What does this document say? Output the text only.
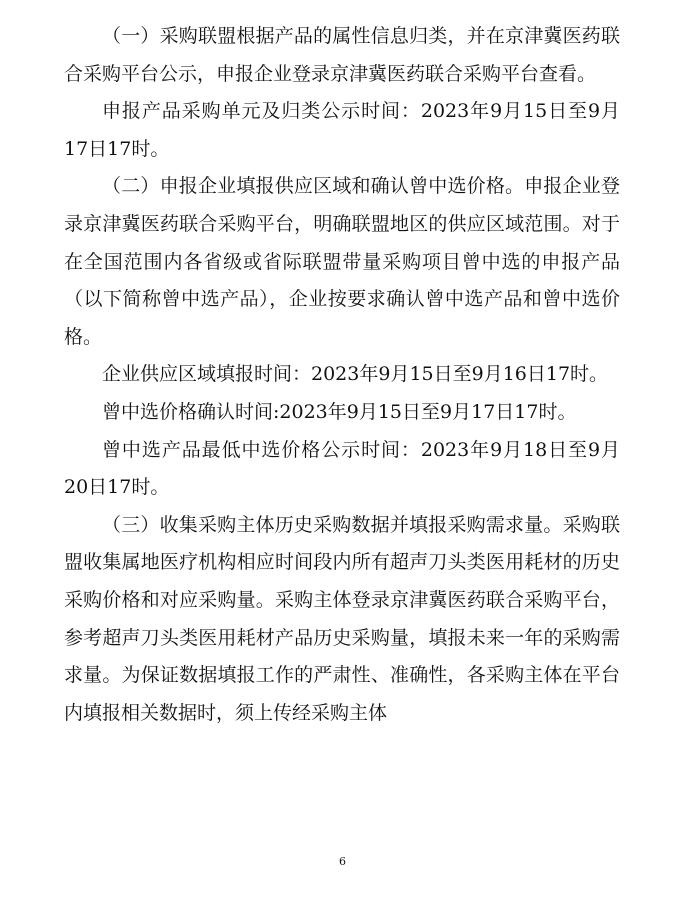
（一）采购联盟根据产品的属性信息归类，并在京津冀医药联合采购平台公示，申报企业登录京津冀医药联合采购平台查看。

申报产品采购单元及归类公示时间：2023年9月15日至9月17日17时。

（二）申报企业填报供应区域和确认曾中选价格。申报企业登录京津冀医药联合采购平台，明确联盟地区的供应区域范围。对于在全国范围内各省级或省际联盟带量采购项目曾中选的申报产品（以下简称曾中选产品），企业按要求确认曾中选产品和曾中选价格。

企业供应区域填报时间：2023年9月15日至9月16日17时。

曾中选价格确认时间:2023年9月15日至9月17日17时。

曾中选产品最低中选价格公示时间：2023年9月18日至9月20日17时。

（三）收集采购主体历史采购数据并填报采购需求量。采购联盟收集属地医疗机构相应时间段内所有超声刀头类医用耗材的历史采购价格和对应采购量。采购主体登录京津冀医药联合采购平台，参考超声刀头类医用耗材产品历史采购量，填报未来一年的采购需求量。为保证数据填报工作的严肃性、准确性，各采购主体在平台内填报相关数据时，须上传经采购主体

6
